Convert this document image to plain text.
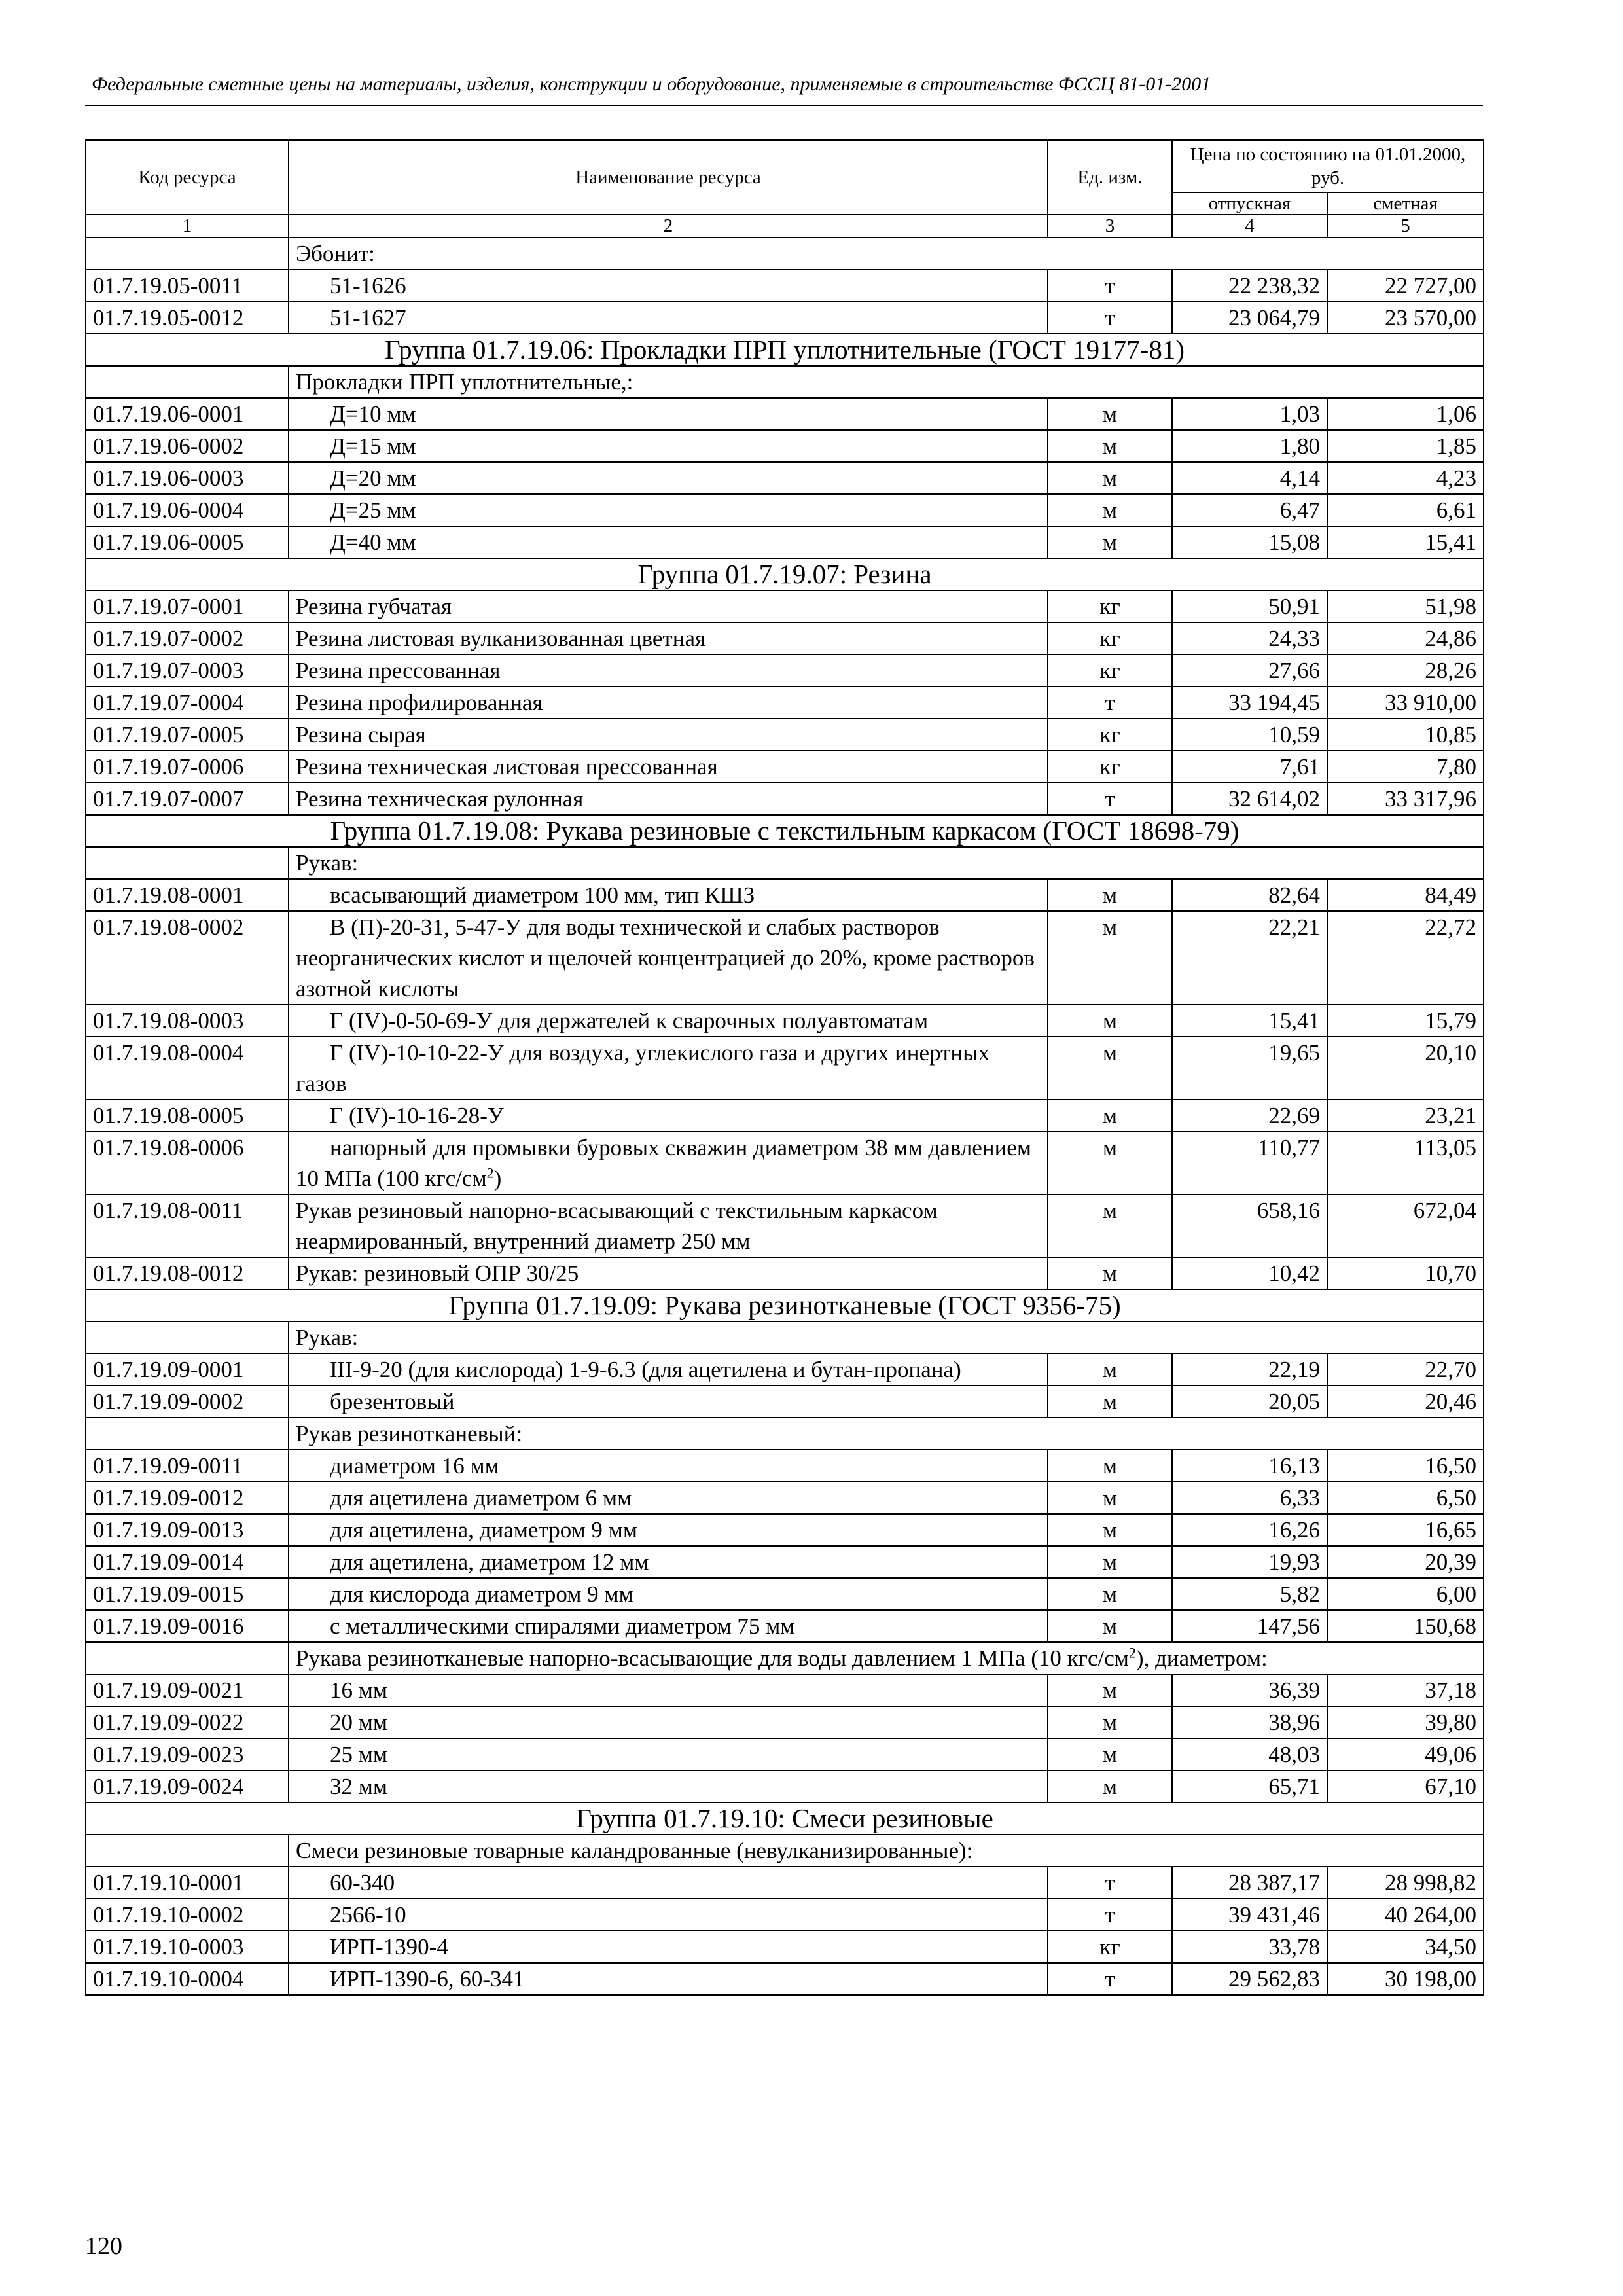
Федеральные сметные цены на материалы, изделия, конструкции и оборудование, применяемые в строительстве ФССЦ 81-01-2001
Код ресурса	Наименование ресурса	Ед. изм.	Цена по состоянию на 01.01.2000, руб.	
			отпускная	сметная
1	2	3	4	5
	Эбонит:			
01.7.19.05-0011	51-1626	т	22 238,32	22 727,00
01.7.19.05-0012	51-1627	т	23 064,79	23 570,00
Группа 01.7.19.06: Прокладки ПРП уплотнительные (ГОСТ 19177-81)				
	Прокладки ПРП уплотнительные,:			
01.7.19.06-0001	Д=10 мм	м	1,03	1,06
01.7.19.06-0002	Д=15 мм	м	1,80	1,85
01.7.19.06-0003	Д=20 мм	м	4,14	4,23
01.7.19.06-0004	Д=25 мм	м	6,47	6,61
01.7.19.06-0005	Д=40 мм	м	15,08	15,41
Группа 01.7.19.07: Резина				
01.7.19.07-0001	Резина губчатая	кг	50,91	51,98
01.7.19.07-0002	Резина листовая вулканизованная цветная	кг	24,33	24,86
01.7.19.07-0003	Резина прессованная	кг	27,66	28,26
01.7.19.07-0004	Резина профилированная	т	33 194,45	33 910,00
01.7.19.07-0005	Резина сырая	кг	10,59	10,85
01.7.19.07-0006	Резина техническая листовая прессованная	кг	7,61	7,80
01.7.19.07-0007	Резина техническая рулонная	т	32 614,02	33 317,96
Группа 01.7.19.08: Рукава резиновые с текстильным каркасом (ГОСТ 18698-79)				
	Рукав:			
01.7.19.08-0001	всасывающий диаметром 100 мм, тип КШЗ	м	82,64	84,49
01.7.19.08-0002	В (П)-20-31, 5-47-У для воды технической и слабых растворов неорганических кислот и щелочей концентрацией до 20%, кроме растворов азотной кислоты	м	22,21	22,72
01.7.19.08-0003	Г (IV)-0-50-69-У для держателей к сварочных полуавтоматам	м	15,41	15,79
01.7.19.08-0004	Г (IV)-10-10-22-У для воздуха, углекислого газа и других инертных газов	м	19,65	20,10
01.7.19.08-0005	Г (IV)-10-16-28-У	м	22,69	23,21
01.7.19.08-0006	напорный для промывки буровых скважин диаметром 38 мм давлением 10 МПа (100 кгс/$см^2$)	м	110,77	113,05
01.7.19.08-0011	Рукав резиновый напорно-всасывающий с текстильным каркасом неармированный, внутренний диаметр 250 мм	м	658,16	672,04
01.7.19.08-0012	Рукав: резиновый ОПР 30/25	м	10,42	10,70
Группа 01.7.19.09: Рукава резинотканевые (ГОСТ 9356-75)				
	Рукав:			
01.7.19.09-0001	III-9-20 (для кислорода) 1-9-6.3 (для ацетилена и бутан-пропана)	м	22,19	22,70
01.7.19.09-0002	брезентовый	м	20,05	20,46
	Рукав резинотканевый:			
01.7.19.09-0011	диаметром 16 мм	м	16,13	16,50
01.7.19.09-0012	для ацетилена диаметром 6 мм	м	6,33	6,50
01.7.19.09-0013	для ацетилена, диаметром 9 мм	м	16,26	16,65
01.7.19.09-0014	для ацетилена, диаметром 12 мм	м	19,93	20,39
01.7.19.09-0015	для кислорода диаметром 9 мм	м	5,82	6,00
01.7.19.09-0016	с металлическими спиралями диаметром 75 мм	м	147,56	150,68
	Рукава резинотканевые напорно-всасывающие для воды давлением 1 МПа (10 кгс/$см^2$), диаметром:			
01.7.19.09-0021	16 мм	м	36,39	37,18
01.7.19.09-0022	20 мм	м	38,96	39,80
01.7.19.09-0023	25 мм	м	48,03	49,06
01.7.19.09-0024	32 мм	м	65,71	67,10
Группа 01.7.19.10: Смеси резиновые				
	Смеси резиновые товарные каландрованные (невулканизированные):			
01.7.19.10-0001	60-340	т	28 387,17	28 998,82
01.7.19.10-0002	2566-10	т	39 431,46	40 264,00
01.7.19.10-0003	ИРП-1390-4	кг	33,78	34,50
01.7.19.10-0004	ИРП-1390-6, 60-341	т	29 562,83	30 198,00
120
